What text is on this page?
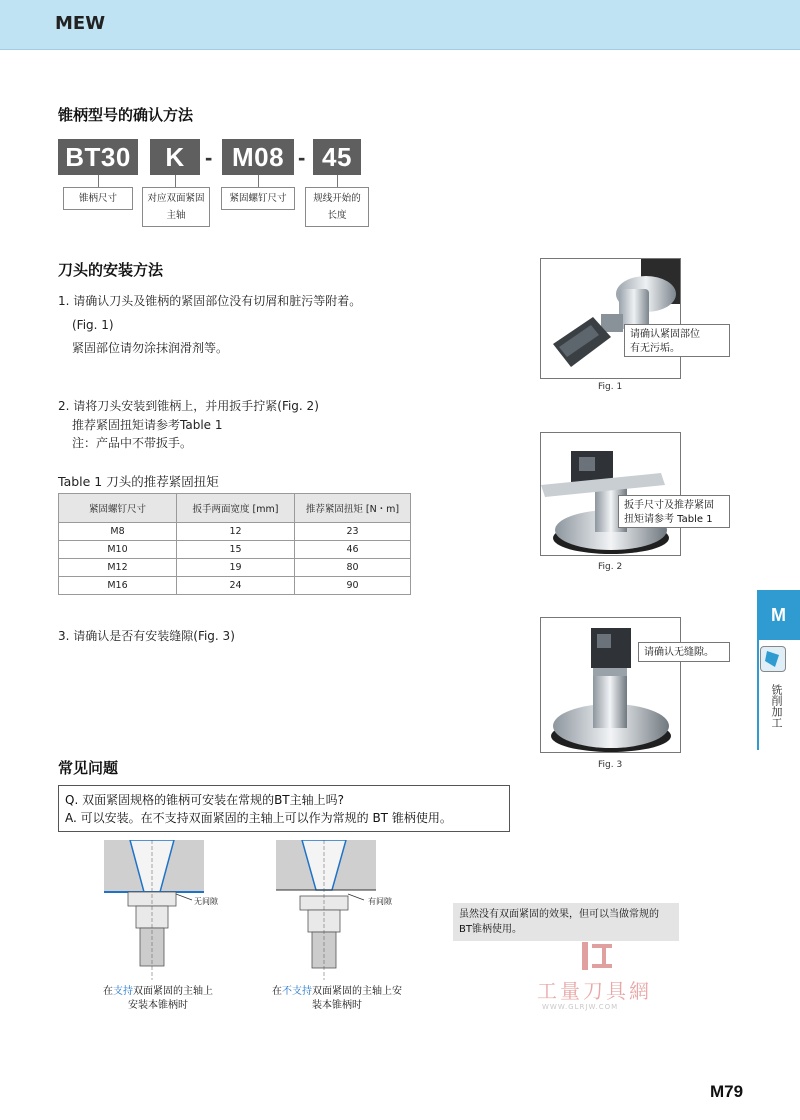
MEW
锥柄型号的确认方法
BT30	K - M08 - 45
锥柄尺寸	对应双面紧固
主轴
紧固螺钉尺寸	规线开始的
长度
刀头的安装方法
1. 请确认刀头及锥柄的紧固部位没有切屑和脏污等附着。
(Fig. 1)
紧固部位请勿涂抹润滑剂等。
2. 请将刀头安装到锥柄上，并用扳手拧紧(Fig. 2)
推荐紧固扭矩请参考Table 1
注：产品中不带扳手。
Table 1 刀头的推荐紧固扭矩
紧固螺钉尺寸	扳手两面宽度 [mm]	推荐紧固扭矩 [N・m]
M8	12	23
M10	15	46
M12	19	80
M16	24	90
3. 请确认是否有安装缝隙(Fig. 3)
请确认紧固部位
有无污垢。
Fig. 1
扳手尺寸及推荐紧固
扭矩请参考 Table 1
Fig. 2
请确认无缝隙。
Fig. 3
常见问题
Q. 双面紧固规格的锥柄可安装在常规的BT主轴上吗?
A. 可以安装。在不支持双面紧固的主轴上可以作为常规的 BT 锥柄使用。
无间隙
在支持双面紧固的主轴上
安装本锥柄时
有间隙
在不支持双面紧固的主轴上安
装本锥柄时
虽然没有双面紧固的效果，但可以当做常规的
BT锥柄使用。
工量刀具網
WWW.GLRJW.COM
M
铣削加工
M79
